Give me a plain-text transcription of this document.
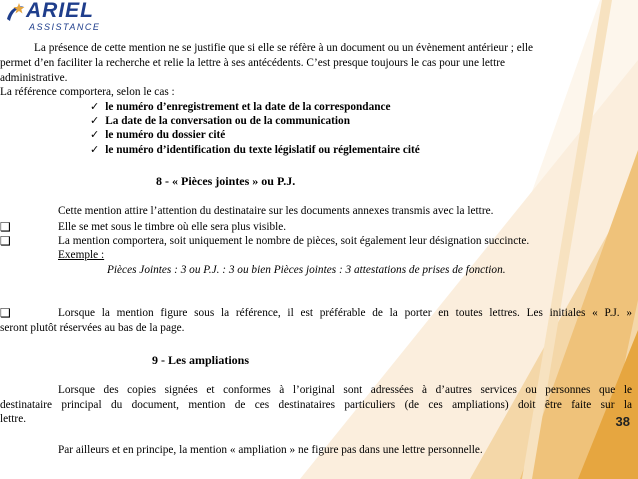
ARIEL
ASSISTANCE
La présence de cette mention ne se justifie que si elle se réfère à un document ou un évènement antérieur ; elle
permet d’en faciliter la recherche et relie la lettre à ses antécédents. C’est presque toujours le cas pour une lettre
administrative.
La référence comportera, selon le cas :
✓ le numéro d’enregistrement et la date de la correspondance
✓ La date de la conversation ou de la communication
✓ le numéro du dossier cité
✓ le numéro d’identification du texte législatif ou réglementaire cité
8 - « Pièces jointes » ou P.J.
Cette mention attire l’attention du destinataire sur les documents annexes transmis avec la lettre.
❑	Elle se met sous le timbre où elle sera plus visible.
❑	La mention comportera, soit uniquement le nombre de pièces, soit également leur désignation succincte.
Exemple :
Pièces Jointes : 3 ou P.J. : 3 ou bien Pièces jointes : 3 attestations de prises de fonction.
❑	Lorsque la mention figure sous la référence, il est préférable de la porter en toutes lettres. Les initiales « P.J. »
seront plutôt réservées au bas de la page.
9 - Les ampliations
Lorsque des copies signées et conformes à l’original sont adressées à d’autres services ou personnes que le
destinataire principal du document, mention de ces destinataires particuliers (de ces ampliations) doit être faite sur la
lettre.
Par ailleurs et en principe, la mention « ampliation » ne figure pas dans une lettre personnelle.
38
